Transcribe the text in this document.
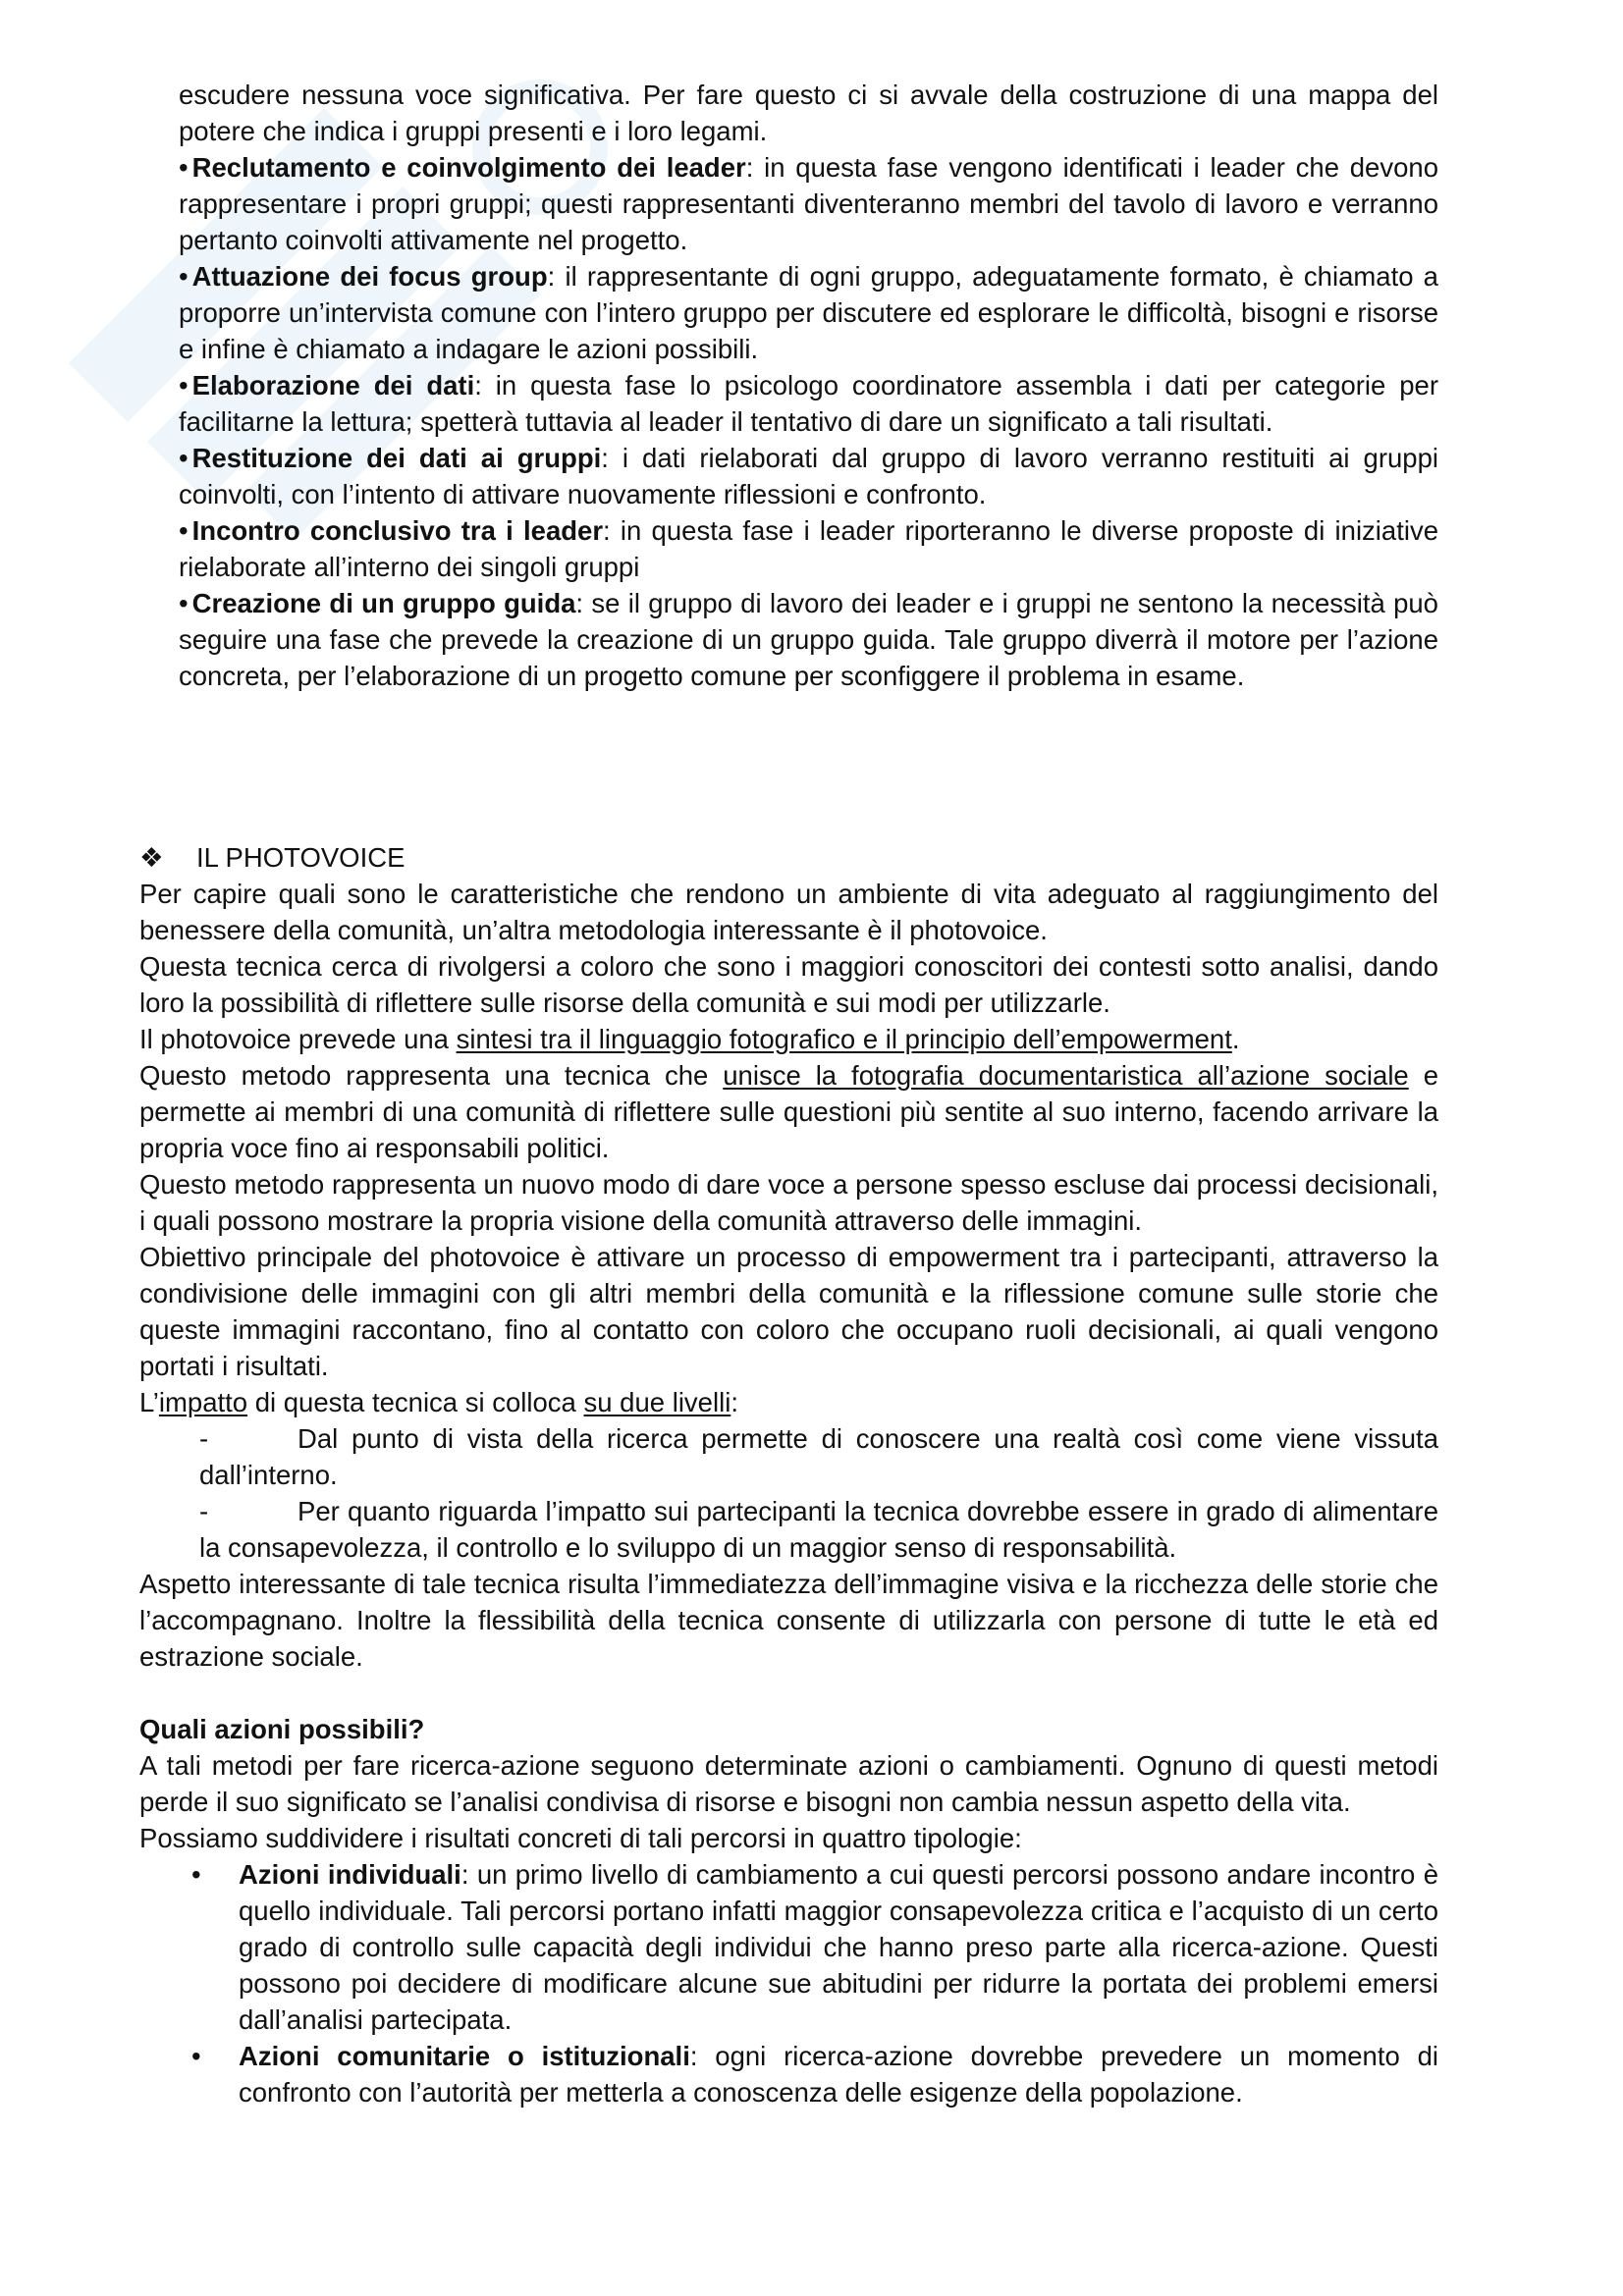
escudere nessuna voce significativa. Per fare questo ci si avvale della costruzione di una mappa del potere che indica i gruppi presenti e i loro legami.

• Reclutamento e coinvolgimento dei leader: in questa fase vengono identificati i leader che devono rappresentare i propri gruppi; questi rappresentanti diventeranno membri del tavolo di lavoro e verranno pertanto coinvolti attivamente nel progetto.

• Attuazione dei focus group: il rappresentante di ogni gruppo, adeguatamente formato, è chiamato a proporre un’intervista comune con l’intero gruppo per discutere ed esplorare le difficoltà, bisogni e risorse e infine è chiamato a indagare le azioni possibili.

• Elaborazione dei dati: in questa fase lo psicologo coordinatore assembla i dati per categorie per facilitarne la lettura; spetterà tuttavia al leader il tentativo di dare un significato a tali risultati.

• Restituzione dei dati ai gruppi: i dati rielaborati dal gruppo di lavoro verranno restituiti ai gruppi coinvolti, con l’intento di attivare nuovamente riflessioni e confronto.

• Incontro conclusivo tra i leader: in questa fase i leader riporteranno le diverse proposte di iniziative rielaborate all’interno dei singoli gruppi

• Creazione di un gruppo guida: se il gruppo di lavoro dei leader e i gruppi ne sentono la necessità può seguire una fase che prevede la creazione di un gruppo guida. Tale gruppo diverrà il motore per l’azione concreta, per l’elaborazione di un progetto comune per sconfiggere il problema in esame.

❖ IL PHOTOVOICE

Per capire quali sono le caratteristiche che rendono un ambiente di vita adeguato al raggiungimento del benessere della comunità, un’altra metodologia interessante è il photovoice.

Questa tecnica cerca di rivolgersi a coloro che sono i maggiori conoscitori dei contesti sotto analisi, dando loro la possibilità di riflettere sulle risorse della comunità e sui modi per utilizzarle.

Il photovoice prevede una sintesi tra il linguaggio fotografico e il principio dell’empowerment.

Questo metodo rappresenta una tecnica che unisce la fotografia documentaristica all’azione sociale e permette ai membri di una comunità di riflettere sulle questioni più sentite al suo interno, facendo arrivare la propria voce fino ai responsabili politici.

Questo metodo rappresenta un nuovo modo di dare voce a persone spesso escluse dai processi decisionali, i quali possono mostrare la propria visione della comunità attraverso delle immagini.

Obiettivo principale del photovoice è attivare un processo di empowerment tra i partecipanti, attraverso la condivisione delle immagini con gli altri membri della comunità e la riflessione comune sulle storie che queste immagini raccontano, fino al contatto con coloro che occupano ruoli decisionali, ai quali vengono portati i risultati.

L’impatto di questa tecnica si colloca su due livelli:

-	Dal punto di vista della ricerca permette di conoscere una realtà così come viene vissuta dall’interno.
-	Per quanto riguarda l’impatto sui partecipanti la tecnica dovrebbe essere in grado di alimentare la consapevolezza, il controllo e lo sviluppo di un maggior senso di responsabilità.

Aspetto interessante di tale tecnica risulta l’immediatezza dell’immagine visiva e la ricchezza delle storie che l’accompagnano. Inoltre la flessibilità della tecnica consente di utilizzarla con persone di tutte le età ed estrazione sociale.

Quali azioni possibili?

A tali metodi per fare ricerca-azione seguono determinate azioni o cambiamenti. Ognuno di questi metodi perde il suo significato se l’analisi condivisa di risorse e bisogni non cambia nessun aspetto della vita.

Possiamo suddividere i risultati concreti di tali percorsi in quattro tipologie:

• Azioni individuali: un primo livello di cambiamento a cui questi percorsi possono andare incontro è quello individuale. Tali percorsi portano infatti maggior consapevolezza critica e l’acquisto di un certo grado di controllo sulle capacità degli individui che hanno preso parte alla ricerca-azione. Questi possono poi decidere di modificare alcune sue abitudini per ridurre la portata dei problemi emersi dall’analisi partecipata.
• Azioni comunitarie o istituzionali: ogni ricerca-azione dovrebbe prevedere un momento di confronto con l’autorità per metterla a conoscenza delle esigenze della popolazione.
